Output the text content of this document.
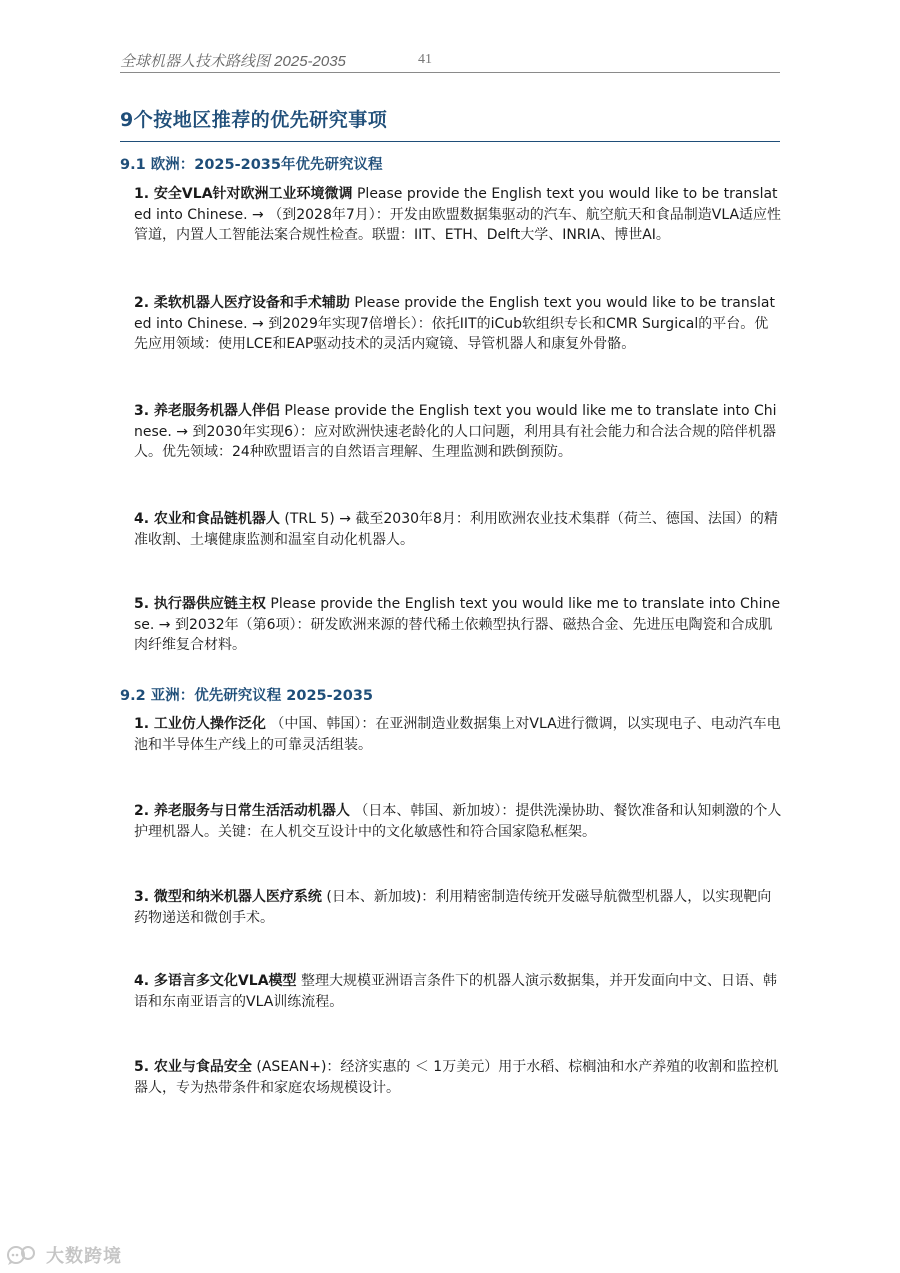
全球机器人技术路线图 2025-2035	41
9个按地区推荐的优先研究事项
9.1 欧洲：2025-2035年优先研究议程
1. 安全VLA针对欧洲工业环境微调 Please provide the English text you would like to be translated into Chinese. → （到2028年7月）：开发由欧盟数据集驱动的汽车、航空航天和食品制造VLA适应性管道，内置人工智能法案合规性检查。联盟：IIT、ETH、Delft大学、INRIA、博世AI。
2. 柔软机器人医疗设备和手术辅助 Please provide the English text you would like to be translated into Chinese. → 到2029年实现7倍增长）：依托IIT的iCub软组织专长和CMR Surgical的平台。优先应用领域：使用LCE和EAP驱动技术的灵活内窥镜、导管机器人和康复外骨骼。
3. 养老服务机器人伴侣 Please provide the English text you would like me to translate into Chinese. → 到2030年实现6）：应对欧洲快速老龄化的人口问题，利用具有社会能力和合法合规的陪伴机器人。优先领域：24种欧盟语言的自然语言理解、生理监测和跌倒预防。
4. 农业和食品链机器人 (TRL 5) → 截至2030年8月：利用欧洲农业技术集群（荷兰、德国、法国）的精准收割、土壤健康监测和温室自动化机器人。
5. 执行器供应链主权 Please provide the English text you would like me to translate into Chinese. → 到2032年（第6项）：研发欧洲来源的替代稀土依赖型执行器、磁热合金、先进压电陶瓷和合成肌肉纤维复合材料。
9.2 亚洲：优先研究议程 2025-2035
1. 工业仿人操作泛化 （中国、韩国）：在亚洲制造业数据集上对VLA进行微调，以实现电子、电动汽车电池和半导体生产线上的可靠灵活组装。
2. 养老服务与日常生活活动机器人 （日本、韩国、新加坡）：提供洗澡协助、餐饮准备和认知刺激的个人护理机器人。关键：在人机交互设计中的文化敏感性和符合国家隐私框架。
3. 微型和纳米机器人医疗系统 (日本、新加坡)：利用精密制造传统开发磁导航微型机器人，以实现靶向药物递送和微创手术。
4. 多语言多文化VLA模型 整理大规模亚洲语言条件下的机器人演示数据集，并开发面向中文、日语、韩语和东南亚语言的VLA训练流程。
5. 农业与食品安全 (ASEAN+)：经济实惠的 ＜ 1万美元）用于水稻、棕榈油和水产养殖的收割和监控机器人，专为热带条件和家庭农场规模设计。
大数跨境
